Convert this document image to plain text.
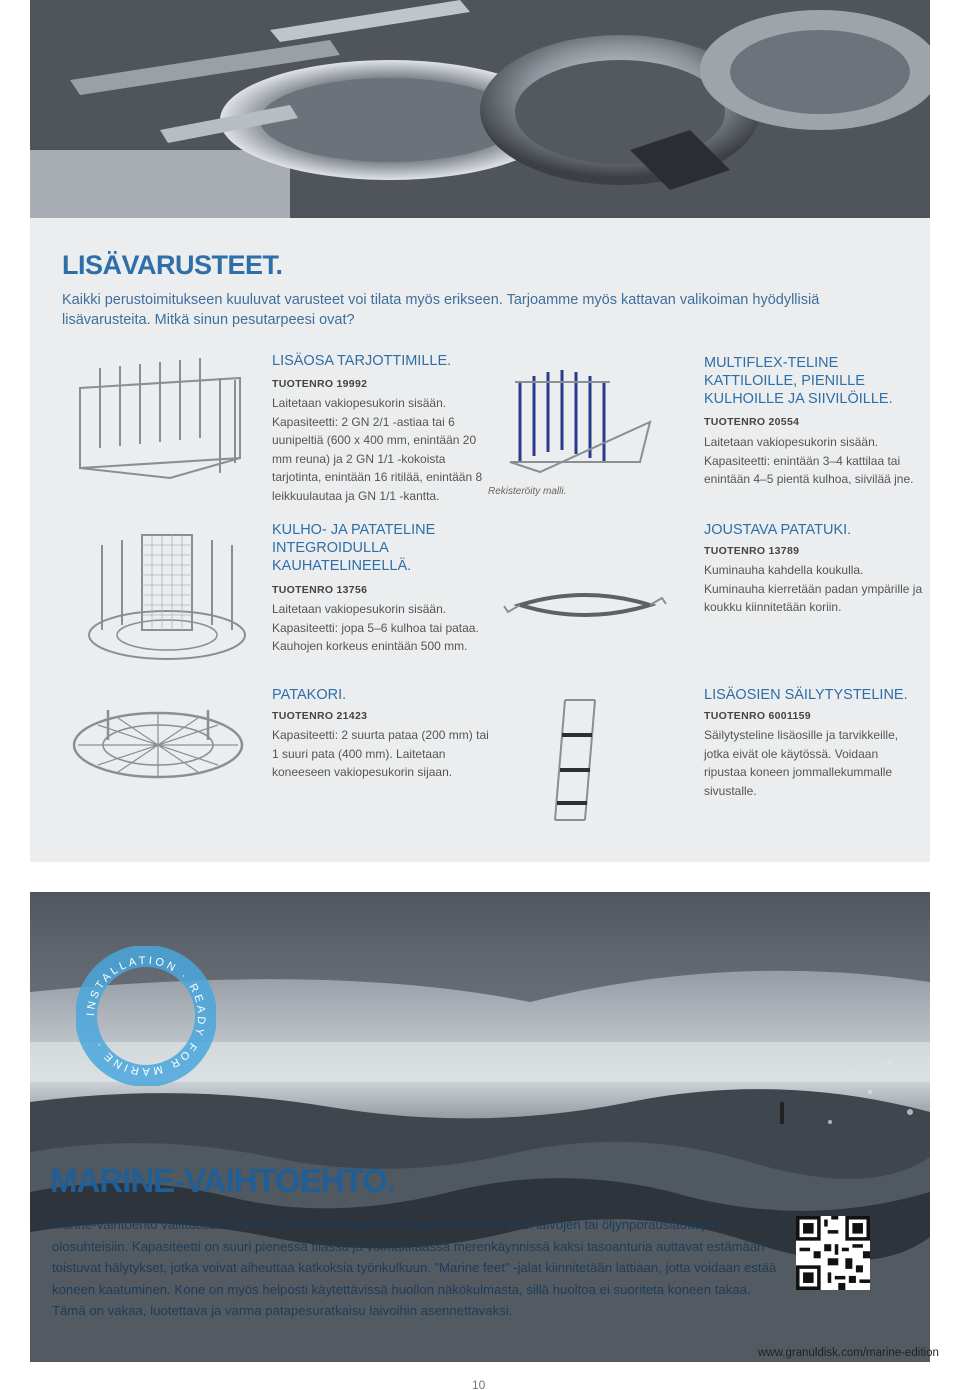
LISÄVARUSTEET.
Kaikki perustoimitukseen kuuluvat varusteet voi tilata myös erikseen. Tarjoamme myös kattavan valikoiman hyödyllisiä lisävarusteita. Mitkä sinun pesutarpeesi ovat?
LISÄOSA TARJOTTIMILLE.
TUOTENRO 19992
Laitetaan vakiopesukorin sisään. Kapasiteetti: 2 GN 2/1 -astiaa tai 6 uunipeltiä (600 x 400 mm, enintään 20 mm reuna) ja 2 GN 1/1 -kokoista tarjotinta, enintään 16 ritilää, enintään 8 leikkuulautaa ja GN 1/1 -kantta.	Rekisteröity malli.
MULTIFLEX-TELINE KATTILOILLE, PIENILLE KULHOILLE JA SIIVILÖILLE.
TUOTENRO 20554
Laitetaan vakiopesukorin sisään. Kapasiteetti: enintään 3–4 kattilaa tai enintään 4–5 pientä kulhoa, siivilää jne.
KULHO- JA PATATELINE INTEGROIDULLA KAUHATELINEELLÄ.
TUOTENRO 13756
Laitetaan vakiopesukorin sisään. Kapasiteetti: jopa 5–6 kulhoa tai pataa. Kauhojen korkeus enintään 500 mm.
JOUSTAVA PATATUKI.
TUOTENRO 13789
Kuminauha kahdella koukulla. Kuminauha kierretään padan ympärille ja koukku kiinnitetään koriin.
PATAKORI.
TUOTENRO 21423
Kapasiteetti: 2 suurta pataa (200 mm) tai 1 suuri pata (400 mm). Laitetaan koneeseen vakiopesukorin sijaan.
LISÄOSIEN SÄILYTYSTELINE.
TUOTENRO 6001159
Säilytysteline lisäosille ja tarvikkeille, jotka eivät ole käytössä. Voidaan ripustaa koneen jommallekummalle sivustalle.
INSTALLATION · READY FOR MARINE ·
MARINE-VAIHTOEHTO.
Marine-vaihtoehto valittaessa Granule Smart® mukautetaan sopimaan esimerkiksi laivojen tai öljynporauslauttojen olosuhteisiin. Kapasiteetti on suuri pienessä tilassa ja voimakkaassa merenkäynnissä kaksi tasoanturia auttavat estämään toistuvat hälytykset, jotka voivat aiheuttaa katkoksia työnkulkuun. ”Marine feet” -jalat kiinnitetään lattiaan, jotta voidaan estää koneen kaatuminen. Kone on myös helposti käytettävissä huollon näkökulmasta, sillä huoltoa ei suoriteta koneen takaa. Tämä on vakaa, luotettava ja varma patapesuratkaisu laivoihin asennettavaksi.
www.granuldisk.com/marine-edition
10
